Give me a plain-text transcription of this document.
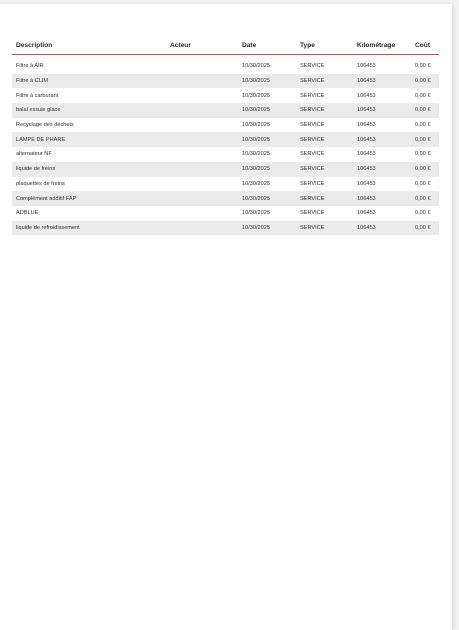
Description	Acteur	Date	Type	Kilométrage	Coût
Filtre à AIR		10/30/2025	SERVICE	106453	0,00 €
Filtre à CLIM		10/30/2025	SERVICE	106453	0,00 €
Filtre à carburant		10/30/2025	SERVICE	106453	0,00 €
balai essuie glace		10/30/2025	SERVICE	106453	0,00 €
Recyclage des déchets		10/30/2025	SERVICE	106453	0,00 €
LAMPE DE PHARE		10/30/2025	SERVICE	106453	0,00 €
alternateur NF		10/30/2025	SERVICE	106453	0,00 €
liquide de freins		10/30/2025	SERVICE	106453	0,00 €
plaquettes de freins		10/30/2025	SERVICE	106453	0,00 €
Complément additif FAP		10/30/2025	SERVICE	106453	0,00 €
ADBLUE		10/30/2025	SERVICE	106453	0,00 €
liquide de refroidissement		10/30/2025	SERVICE	106453	0,00 €
